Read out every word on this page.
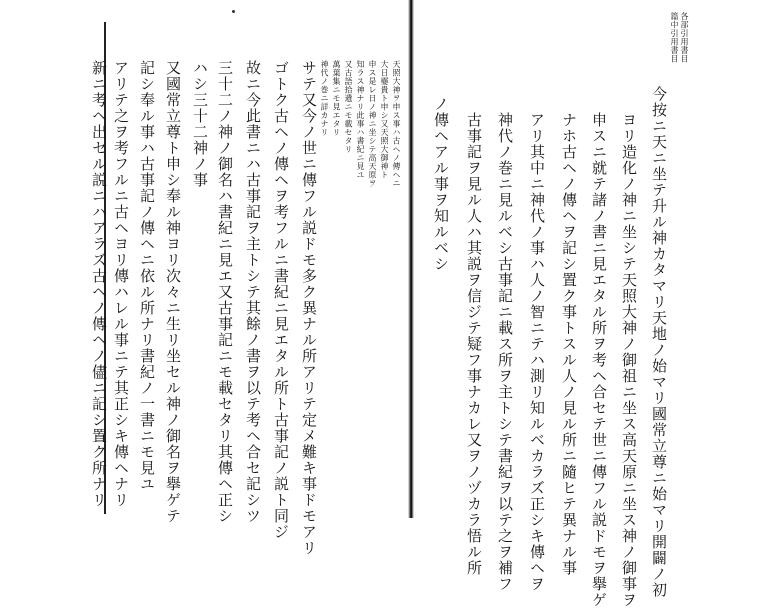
各部引用書目
篇中引用書目
今按ニ天ニ坐テ升ル神カタマリ天地ノ始マリ國常立尊ニ始マリ開闢ノ初
ヨリ造化ノ神ニ坐シテ天照大神ノ御祖ニ坐ス高天原ニ坐ス神ノ御事ヲ
申スニ就テ諸ノ書ニ見エタル所ヲ考ヘ合セテ世ニ傳フル説ドモヲ擧ゲ
ナホ古ヘノ傳ヘヲ記シ置ク事トスル人ノ見ル所ニ隨ヒテ異ナル事
アリ其中ニ神代ノ事ハ人ノ智ニテハ測リ知ルベカラズ正シキ傳ヘヲ
神代ノ巻ニ見ルベシ古事記ニ載ス所ヲ主トシテ書紀ヲ以テ之ヲ補フ
古事記ヲ見ル人ハ其説ヲ信ジテ疑フ事ナカレ又ヲノヅカラ悟ル所
ノ傳ヘアル事ヲ知ルベシ
天照大神ヲ申ス事ハ古ヘノ傳ヘニ
大日孁貴ト申シ又天照大御神ト
申ス是レ日ノ神ニ坐シテ高天原ヲ
知ラス神ナリ此事ハ書紀ニ見ユ
又古語拾遺ニモ載セタリ
萬葉集ニモ見エタリ
神代ノ巻ニ詳カナリ
サテ又今ノ世ニ傳フル説ドモ多ク異ナル所アリテ定メ難キ事ドモアリ
ゴトク古ヘノ傳ヘヲ考フルニ書紀ニ見エタル所ト古事記ノ説ト同ジ
故ニ今此書ニハ古事記ヲ主トシテ其餘ノ書ヲ以テ考ヘ合セ記シツ
三十二ノ神ノ御名ハ書紀ニ見エ又古事記ニモ載セタリ其傳ヘ正シ
ハシ三十二神ノ事
又國常立尊ト申シ奉ル神ヨリ次々ニ生リ坐セル神ノ御名ヲ擧ゲテ
記シ奉ル事ハ古事記ノ傳ヘニ依ル所ナリ書紀ノ一書ニモ見ユ
アリテ之ヲ考フルニ古ヘヨリ傳ハレル事ニテ其正シキ傳ヘナリ
新ニ考ヘ出セル説ニハアラズ古ヘノ傳ヘノ儘ニ記シ置ク所ナリ
